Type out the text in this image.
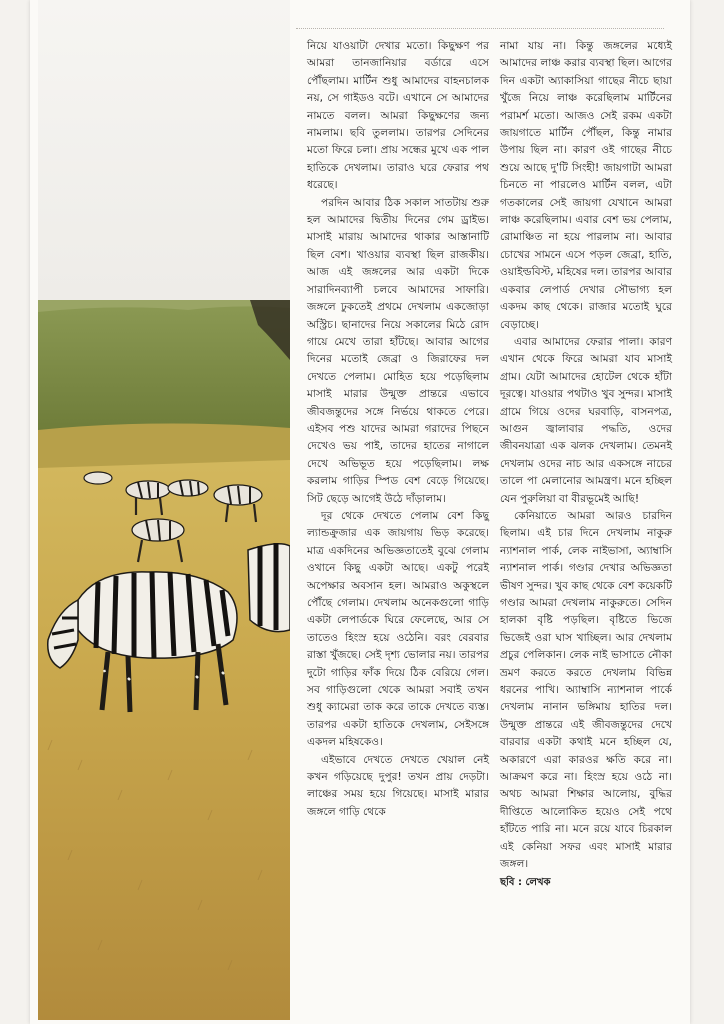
নিয়ে যাওয়াটা দেখার মতো। কিছুক্ষণ পর আমরা তানজানিয়ার বর্ডারে এসে পৌঁছলাম। মার্টিন শুধু আমাদের বাহনচালক নয়, সে গাইডও বটে। এখানে সে আমাদের নামতে বলল। আমরা কিছুক্ষণের জন্য নামলাম। ছবি তুললাম। তারপর সেদিনের মতো ফিরে চলা। প্রায় সন্ধের মুখে এক পাল হাতিকে দেখলাম। তারাও ঘরে ফেরার পথ ধরেছে।

পরদিন আবার ঠিক সকাল সাতটায় শুরু হল আমাদের দ্বিতীয় দিনের গেম ড্রাইভ। মাসাই মারায় আমাদের থাকার আস্তানাটি ছিল বেশ। খাওয়ার ব্যবস্থা ছিল রাজকীয়। আজ এই জঙ্গলের আর একটা দিকে সারাদিনব্যাপী চলবে আমাদের সাফারি। জঙ্গলে ঢুকতেই প্রথমে দেখলাম একজোড়া অস্ট্রিচ। ছানাদের নিয়ে সকালের মিঠে রোদ গায়ে মেখে তারা হাঁটছে। আবার আগের দিনের মতোই জেব্রা ও জিরাফের দল দেখতে পেলাম। মোহিত হয়ে পড়েছিলাম মাসাই মারার উন্মুক্ত প্রান্তরে এভাবে জীবজন্তুদের সঙ্গে নির্ভয়ে থাকতে পেরে। এইসব পশু যাদের আমরা গরাদের পিছনে দেখেও ভয় পাই, তাদের হাতের নাগালে দেখে অভিভূত হয়ে পড়েছিলাম। লক্ষ করলাম গাড়ির স্পিড বেশ বেড়ে গিয়েছে। সিট ছেড়ে আগেই উঠে দাঁড়ালাম।

দূর থেকে দেখতে পেলাম বেশ কিছু ল্যান্ডক্রুজার এক জায়গায় ভিড় করেছে। মাত্র একদিনের অভিজ্ঞতাতেই বুঝে গেলাম ওখানে কিছু একটা আছে। একটু পরেই অপেক্ষার অবসান হল। আমরাও অকুস্থলে পৌঁছে গেলাম। দেখলাম অনেকগুলো গাড়ি একটা লেপার্ডকে ঘিরে ফেলেছে, আর সে তাতেও হিংস্র হয়ে ওঠেনি। বরং বেরবার রাস্তা খুঁজছে। সেই দৃশ্য ভোলার নয়। তারপর দুটো গাড়ির ফাঁক দিয়ে ঠিক বেরিয়ে গেল। সব গাড়িগুলো থেকে আমরা সবাই তখন শুধু ক্যামেরা তাক করে তাকে দেখতে ব্যস্ত। তারপর একটা হাতিকে দেখলাম, সেইসঙ্গে একদল মহিষকেও।

এইভাবে দেখতে দেখতে খেয়াল নেই কখন গড়িয়েছে দুপুর! তখন প্রায় দেড়টা। লাঞ্চের সময় হয়ে গিয়েছে। মাসাই মারার জঙ্গলে গাড়ি থেকে

নামা যায় না। কিন্তু জঙ্গলের মধ্যেই আমাদের লাঞ্চ করার ব্যবস্থা ছিল। আগের দিন একটা অ্যাকাসিয়া গাছের নীচে ছায়া খুঁজে নিয়ে লাঞ্চ করেছিলাম মার্টিনের পরামর্শ মতো। আজও সেই রকম একটা জায়গাতে মার্টিন পৌঁছল, কিন্তু নামার উপায় ছিল না। কারণ ওই গাছের নীচে শুয়ে আছে দু'টি সিংহী! জায়গাটা আমরা চিনতে না পারলেও মার্টিন বলল, এটা গতকালের সেই জায়গা যেখানে আমরা লাঞ্চ করেছিলাম। এবার বেশ ভয় পেলাম, রোমাঞ্চিত না হয়ে পারলাম না। আবার চোখের সামনে এসে পড়ল জেব্রা, হাতি, ওয়াইল্ডবিস্ট, মহিষের দল। তারপর আবার একবার লেপার্ড দেখার সৌভাগ্য হল একদম কাছ থেকে। রাজার মতোই ঘুরে বেড়াচ্ছে।

এবার আমাদের ফেরার পালা। কারণ এখান থেকে ফিরে আমরা যাব মাসাই গ্রাম। যেটা আমাদের হোটেল থেকে হাঁটা দূরত্বে। যাওয়ার পথটাও খুব সুন্দর। মাসাই গ্রামে গিয়ে ওদের ঘরবাড়ি, বাসনপত্র, আগুন জ্বালাবার পদ্ধতি, ওদের জীবনযাত্রা এক ঝলক দেখলাম। তেমনই দেখলাম ওদের নাচ আর একসঙ্গে নাচের তালে পা মেলানোর আমন্ত্রণ। মনে হচ্ছিল যেন পুরুলিয়া বা বীরভূমেই আছি!

কেনিয়াতে আমরা আরও চারদিন ছিলাম। এই চার দিনে দেখলাম নাকুরু ন্যাশনাল পার্ক, লেক নাইভাসা, অ্যাম্বাসি ন্যাশনাল পার্ক। গণ্ডার দেখার অভিজ্ঞতা ভীষণ সুন্দর। খুব কাছ থেকে বেশ কয়েকটি গণ্ডার আমরা দেখলাম নাকুরুতে। সেদিন হালকা বৃষ্টি পড়ছিল। বৃষ্টিতে ভিজে ভিজেই ওরা ঘাস খাচ্ছিল। আর দেখলাম প্রচুর পেলিকান। লেক নাই ভাসাতে নৌকা ভ্রমণ করতে করতে দেখলাম বিভিন্ন ধরনের পাখি। অ্যাম্বাসি ন্যাশনাল পার্কে দেখলাম নানান ভঙ্গিমায় হাতির দল। উন্মুক্ত প্রান্তরে এই জীবজন্তুদের দেখে বারবার একটা কথাই মনে হচ্ছিল যে, অকারণে এরা কারওর ক্ষতি করে না। আক্রমণ করে না। হিংস্র হয়ে ওঠে না। অথচ আমরা শিক্ষার আলোয়, বুদ্ধির দীপ্তিতে আলোকিত হয়েও সেই পথে হাঁটতে পারি না। মনে রয়ে যাবে চিরকাল এই কেনিয়া সফর এবং মাসাই মারার জঙ্গল।

ছবি : লেখক
